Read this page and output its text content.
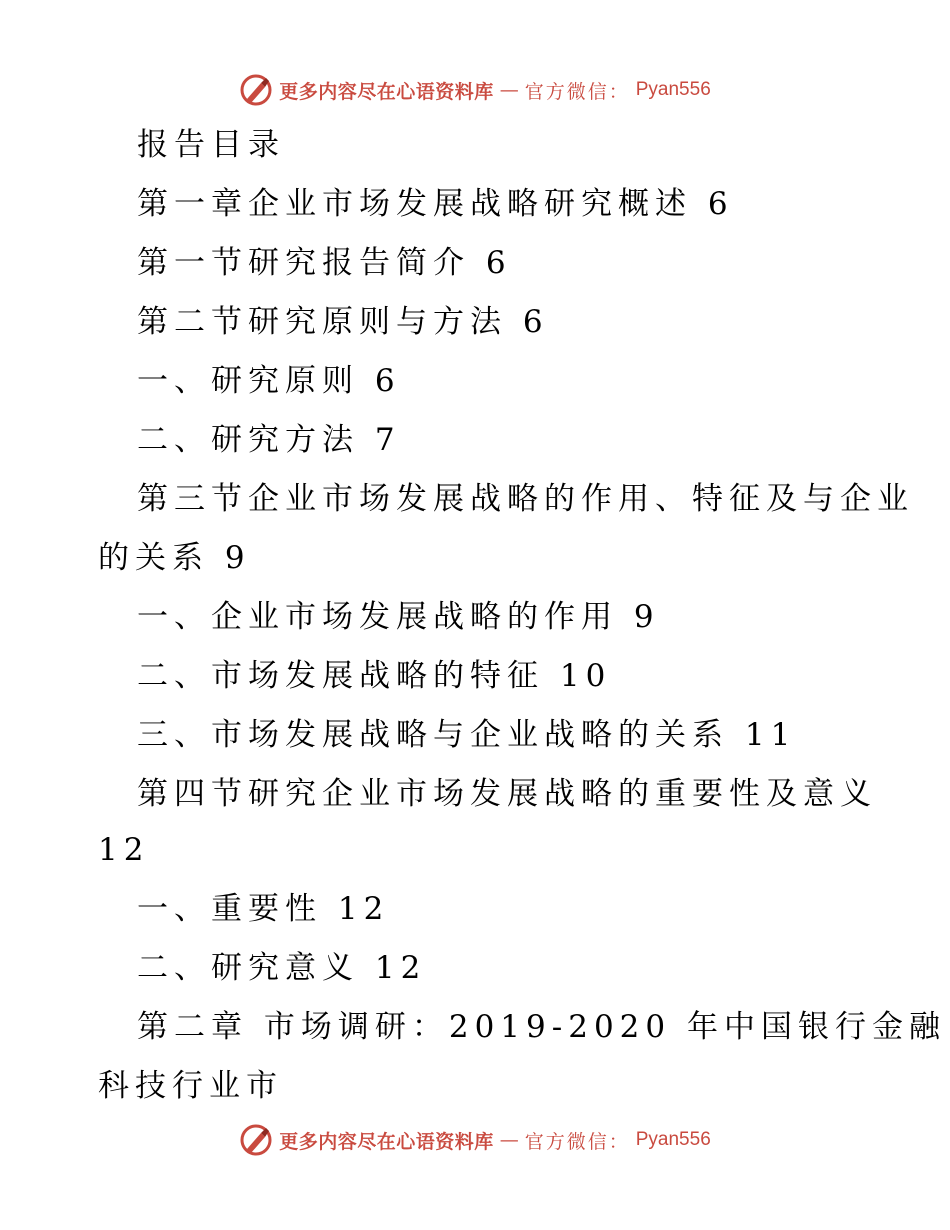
更多内容尽在心语资料库 — 官方微信： Pyan556
报告目录
第一章企业市场发展战略研究概述 6
第一节研究报告简介 6
第二节研究原则与方法 6
一、研究原则 6
二、研究方法 7
第三节企业市场发展战略的作用、特征及与企业
的关系 9
一、企业市场发展战略的作用 9
二、市场发展战略的特征 10
三、市场发展战略与企业战略的关系 11
第四节研究企业市场发展战略的重要性及意义
12
一、重要性 12
二、研究意义 12
第二章 市场调研：2019-2020 年中国银行金融
科技行业市
更多内容尽在心语资料库 — 官方微信： Pyan556
